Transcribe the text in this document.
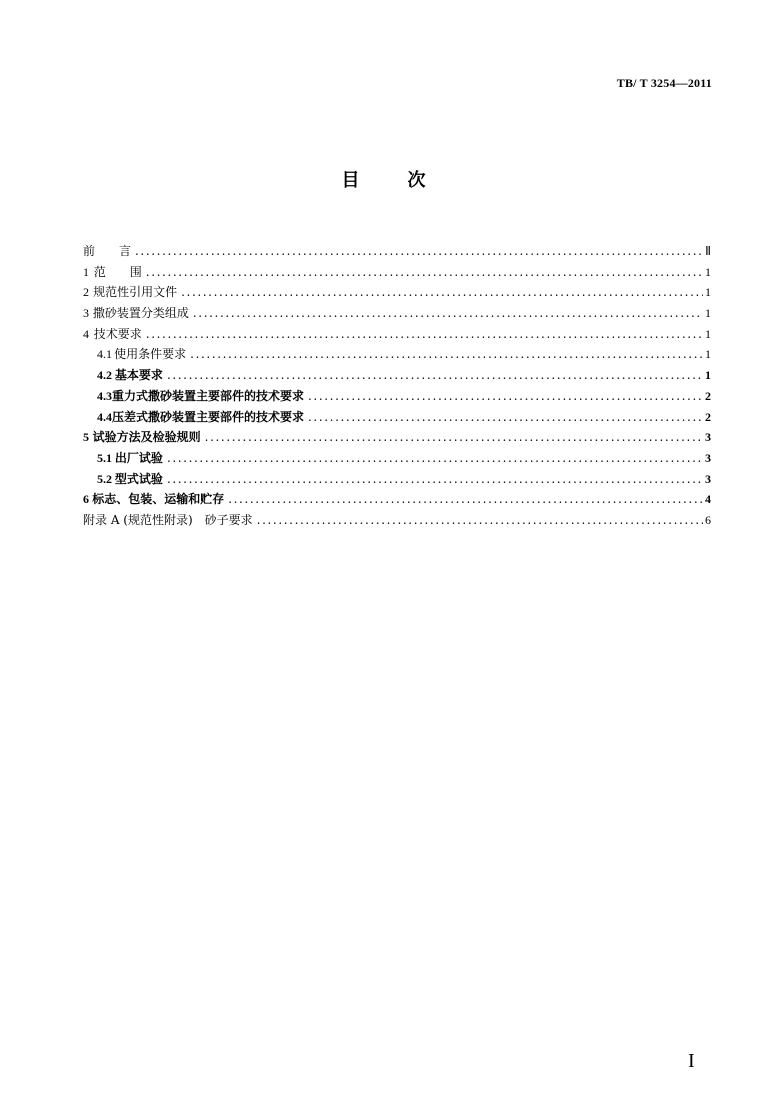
TB/ T 3254—2011
目	次
前　　言 .....	Ⅱ
1 范　　围 .....	1
2 规范性引用文件 .....	1
3 撒砂装置分类组成 .....	1
4 技术要求 .....	1
4.1 使用条件要求 .....	1
4.2 基本要求 .....	1
4.3 重力式撒砂装置主要部件的技术要求 .....	2
4.4 压差式撒砂装置主要部件的技术要求 .....	2
5 试验方法及检验规则 .....	3
5.1 出厂试验 .....	3
5.2 型式试验 .....	3
6 标志、包装、运输和贮存 .....	4
附录 A (规范性附录)　砂子要求 .....	6
I
